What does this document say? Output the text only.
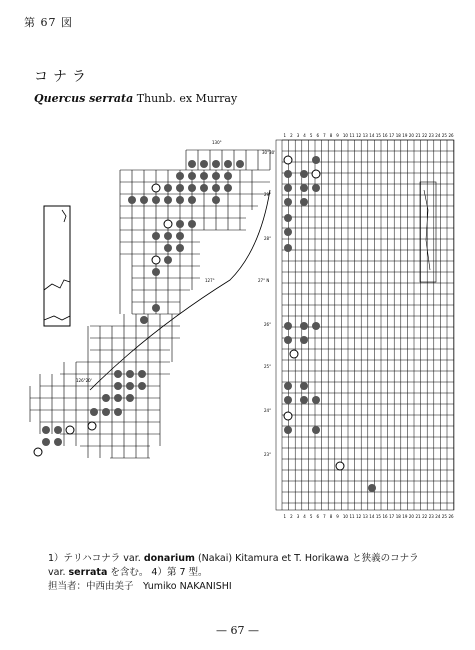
第 67 図
コナラ
Quercus serrata Thunb. ex Murray
130°
127°
126°20'
30°30'
29°
28°
27° N
26°
25°
24°
23°
1 2 3 4 5 6 7 8 9 10 11 12 13 14 15 16 17 18 19 20 21 22 23 24 25 26
1 2 3 4 5 6 7 8 9 10 11 12 13 14 15 16 17 18 19 20 21 22 23 24 25 26
1）テリハコナラ var. donarium (Nakai) Kitamura et T. Horikawa と狭義のコナラ
var. serrata を含む。 4）第 7 型。
担当者：中西由美子　Yumiko NAKANISHI
— 67 —
